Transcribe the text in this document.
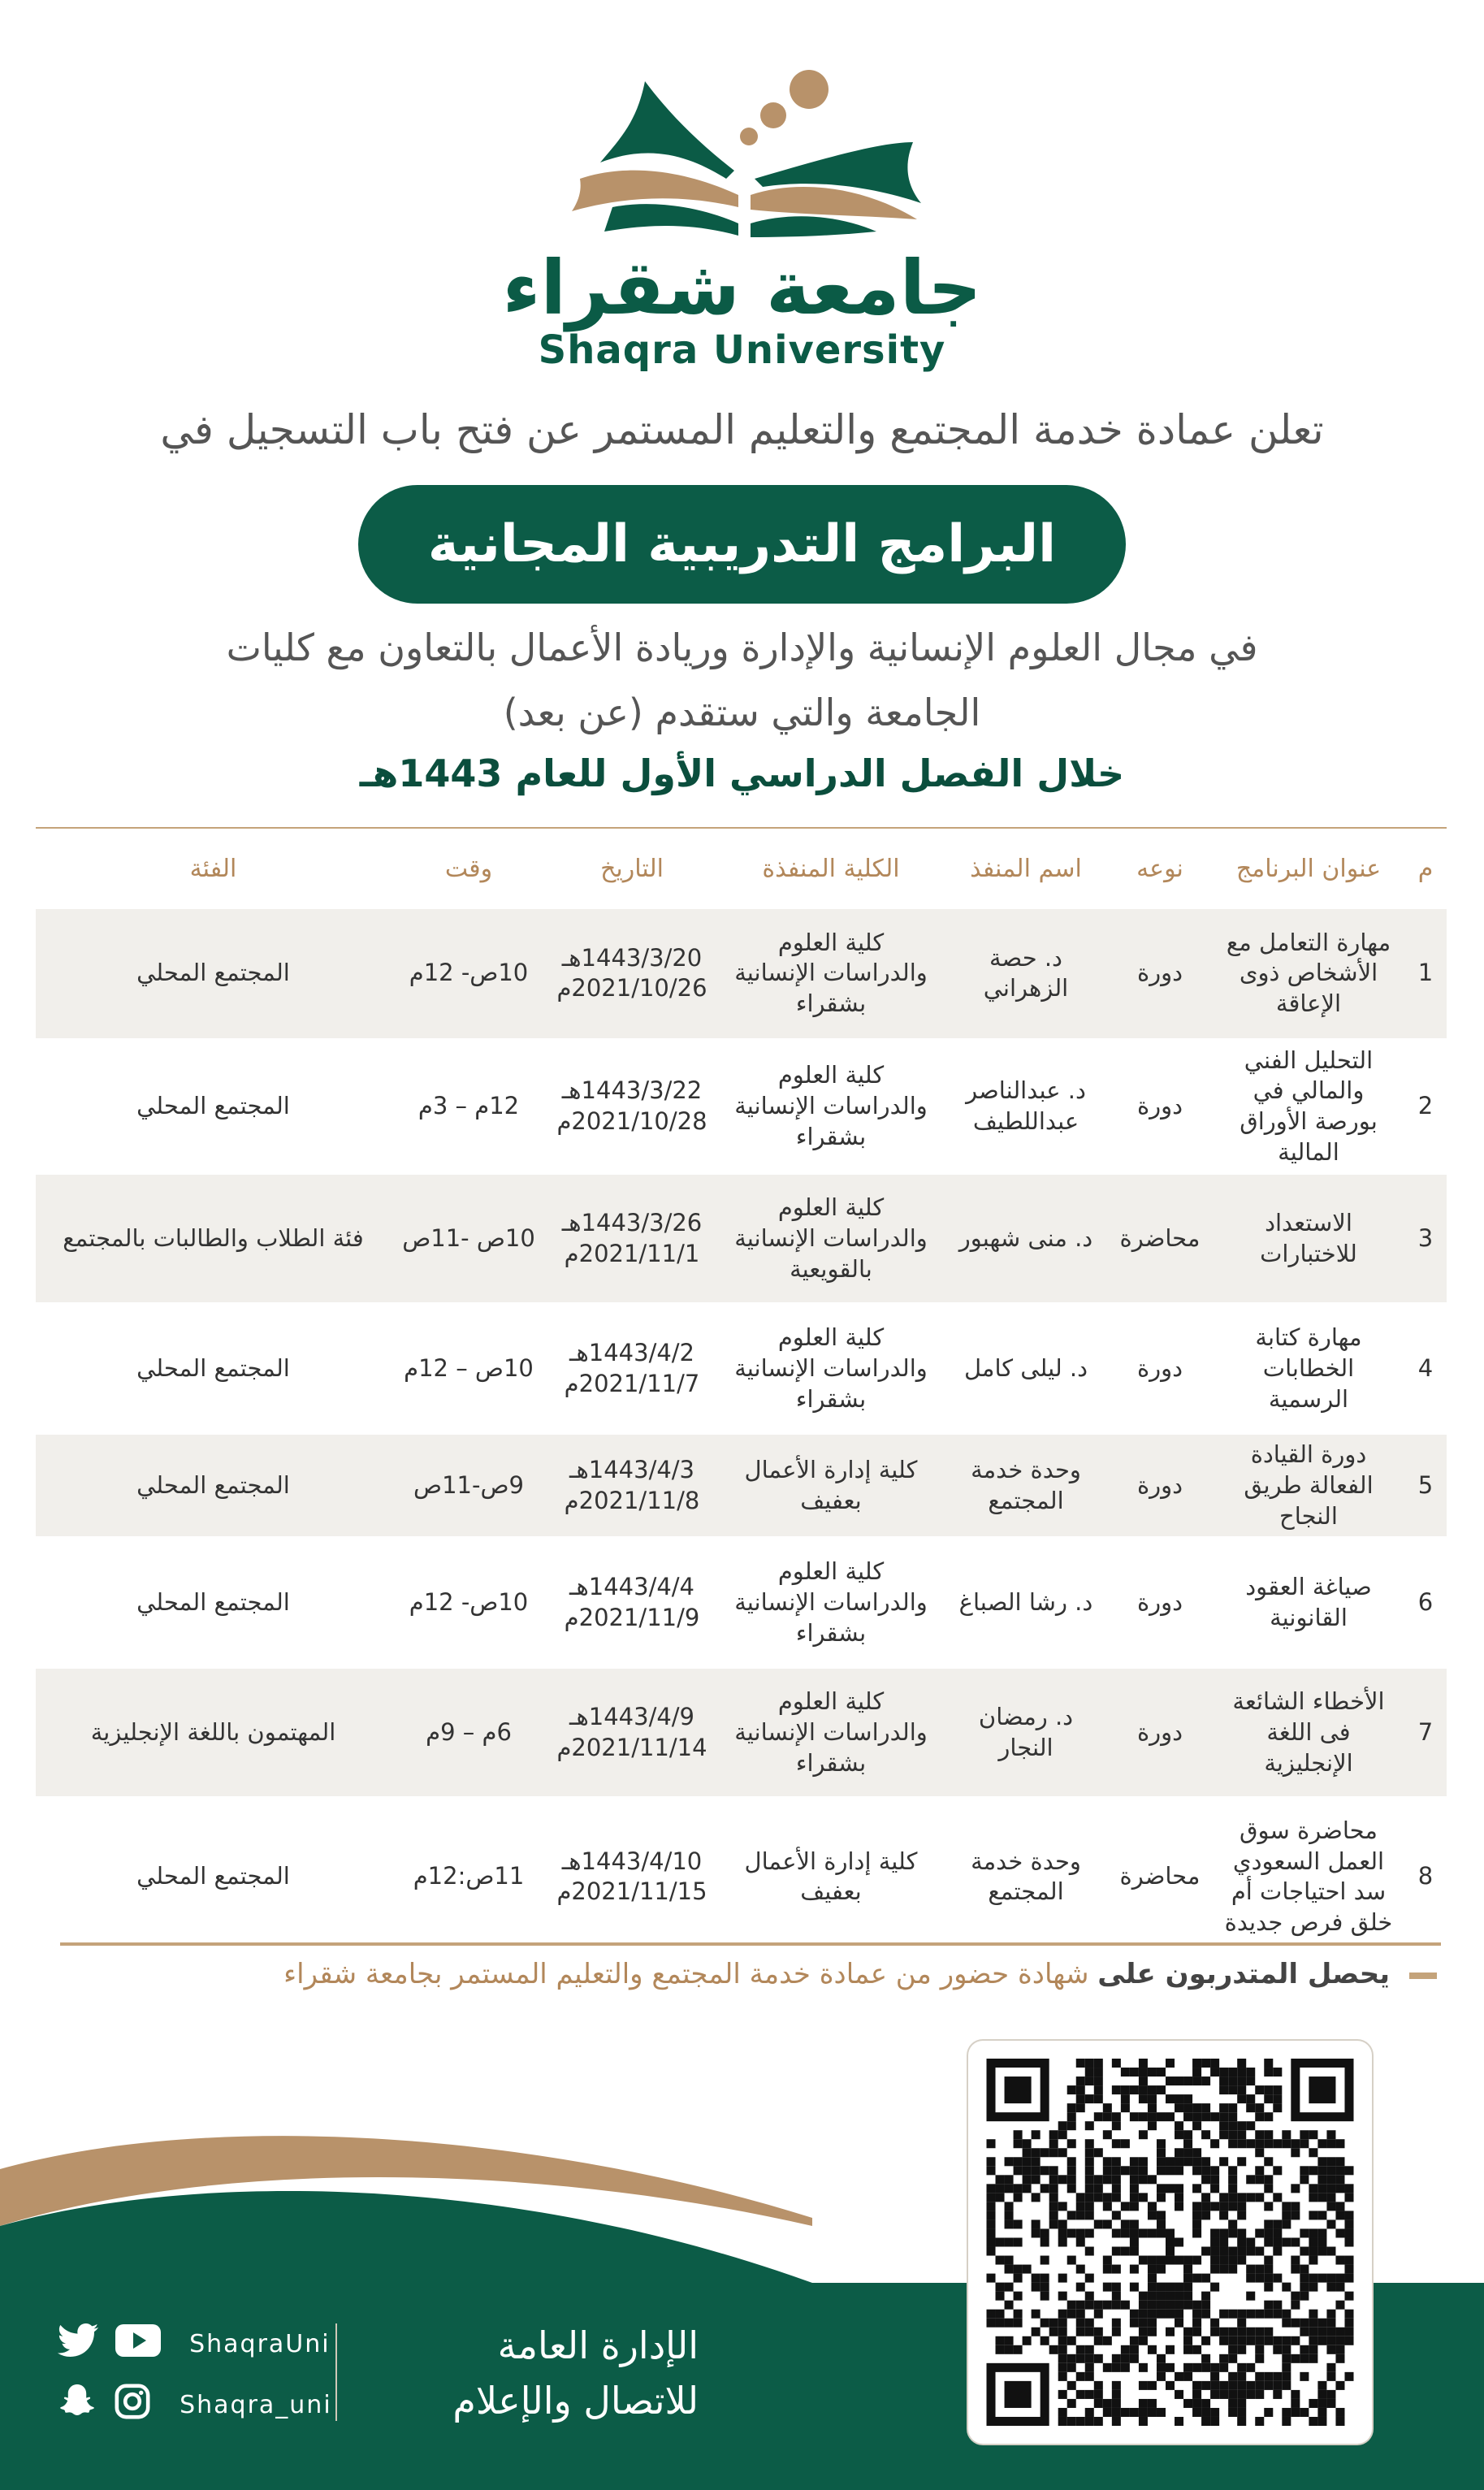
جامعة شقراء
Shaqra University
تعلن عمادة خدمة المجتمع والتعليم المستمر عن فتح باب التسجيل في
البرامج التدريبية المجانية
في مجال العلوم الإنسانية والإدارة وريادة الأعمال بالتعاون مع كليات
الجامعة والتي ستقدم (عن بعد)
خلال الفصل الدراسي الأول للعام 1443هـ
م	عنوان البرنامج	نوعه	اسم المنفذ	الكلية المنفذة	التاريخ	وقت	الفئة
1	مهارة التعامل مع الأشخاص ذوى الإعاقة	دورة	د. حصة الزهراني	كلية العلوم والدراسات الإنسانية بشقراء	1443/3/20هـ 2021/10/26م	10ص- 12م	المجتمع المحلي
2	التحليل الفني والمالي في بورصة الأوراق المالية	دورة	د. عبدالناصر عبداللطيف	كلية العلوم والدراسات الإنسانية بشقراء	1443/3/22هـ 2021/10/28م	12م – 3م	المجتمع المحلي
3	الاستعداد للاختبارات	محاضرة	د. منى شهبور	كلية العلوم والدراسات الإنسانية بالقويعية	1443/3/26هـ 2021/11/1م	10ص -11ص	فئة الطلاب والطالبات بالمجتمع
4	مهارة كتابة الخطابات الرسمية	دورة	د. ليلى كامل	كلية العلوم والدراسات الإنسانية بشقراء	1443/4/2هـ 2021/11/7م	10ص – 12م	المجتمع المحلي
5	دورة القيادة الفعالة طريق النجاح	دورة	وحدة خدمة المجتمع	كلية إدارة الأعمال بعفيف	1443/4/3هـ 2021/11/8م	9ص-11ص	المجتمع المحلي
6	صياغة العقود القانونية	دورة	د. رشا الصباغ	كلية العلوم والدراسات الإنسانية بشقراء	1443/4/4هـ 2021/11/9م	10ص- 12م	المجتمع المحلي
7	الأخطاء الشائعة فى اللغة الإنجليزية	دورة	د. رمضان النجار	كلية العلوم والدراسات الإنسانية بشقراء	1443/4/9هـ 2021/11/14م	6م – 9م	المهتمون باللغة الإنجليزية
8	محاضرة سوق العمل السعودي سد احتياجات أم خلق فرص جديدة	محاضرة	وحدة خدمة المجتمع	كلية إدارة الأعمال بعفيف	1443/4/10هـ 2021/11/15م	11ص:12م	المجتمع المحلي
يحصل المتدربون على شهادة حضور من عمادة خدمة المجتمع والتعليم المستمر بجامعة شقراء
ShaqraUni
Shaqra_uni
الإدارة العامة
للاتصال والإعلام
